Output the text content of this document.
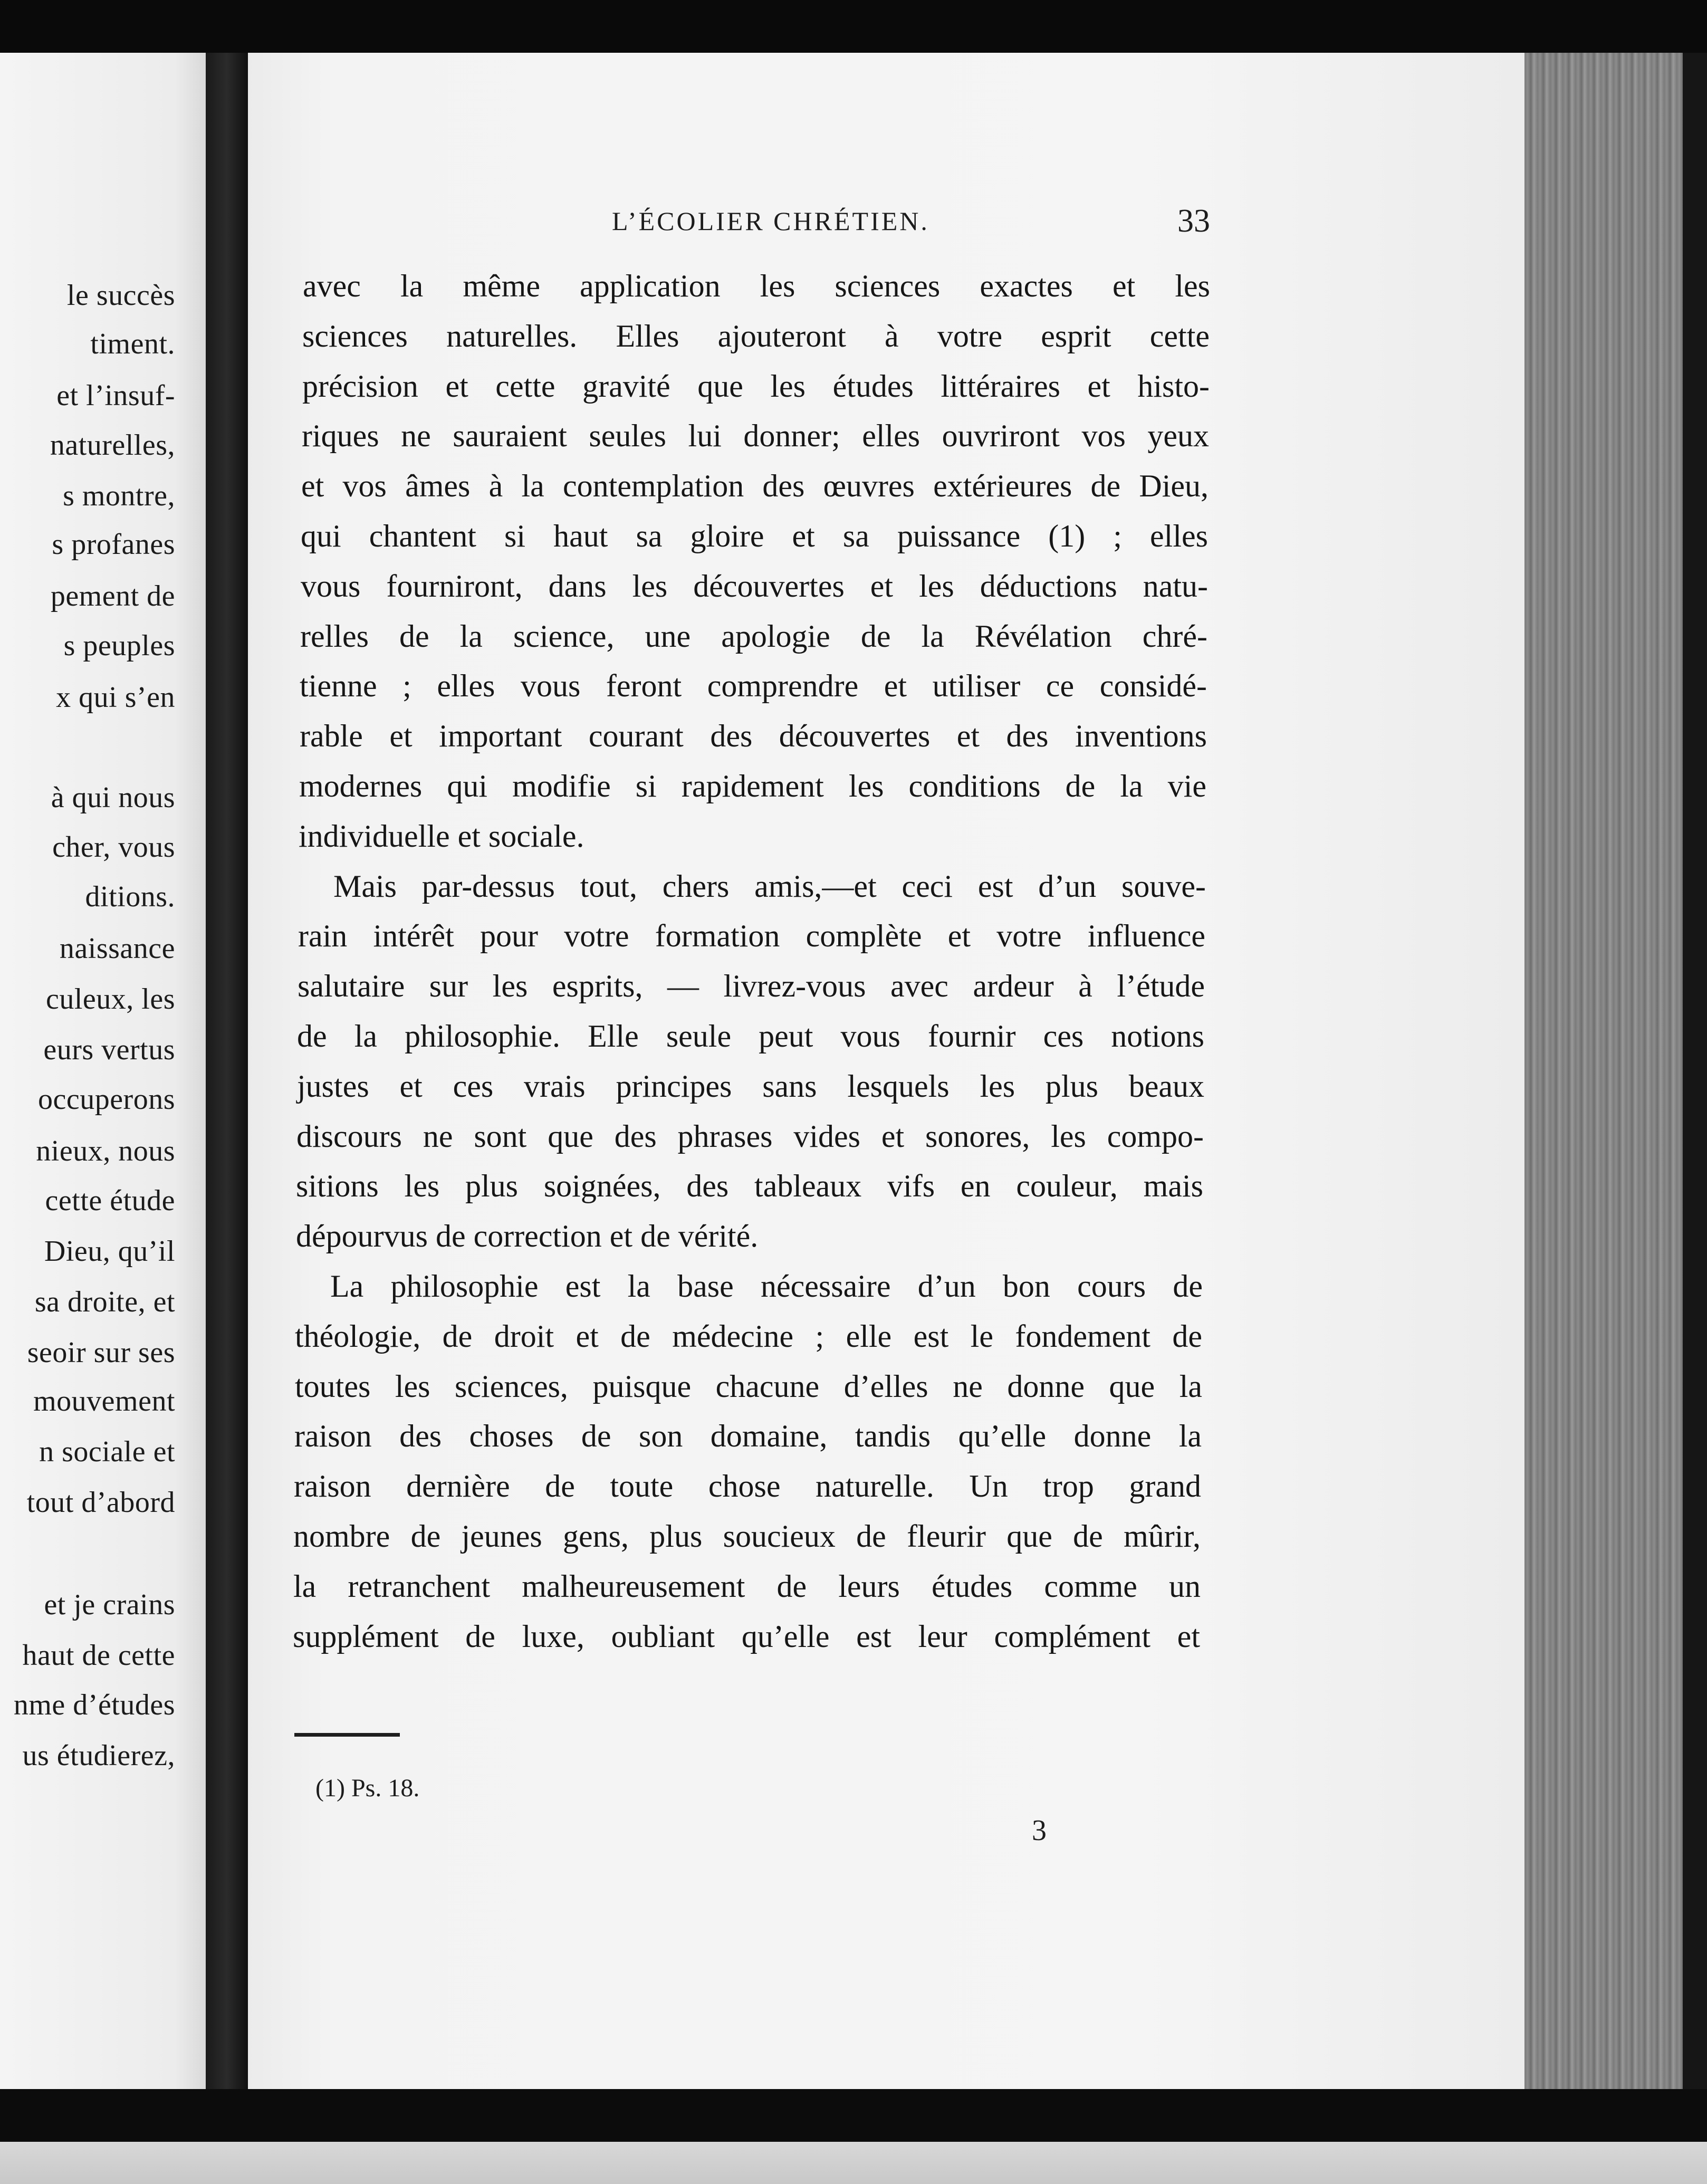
le succès
timent.
et l’insuf-
naturelles,
s montre,
s profanes
pement de
s peuples
x qui s’en
à qui nous
cher, vous
ditions.
naissance
culeux, les
eurs vertus
occuperons
nieux, nous
cette étude
Dieu, qu’il
sa droite, et
seoir sur ses
mouvement
n sociale et
tout d’abord
et je crains
haut de cette
nme d’études
us étudierez,
L’ÉCOLIER CHRÉTIEN.	33
avec la même application les sciences exactes et les
sciences naturelles. Elles ajouteront à votre esprit cette
précision et cette gravité que les études littéraires et histo-
riques ne sauraient seules lui donner; elles ouvriront vos yeux
et vos âmes à la contemplation des œuvres extérieures de Dieu,
qui chantent si haut sa gloire et sa puissance (1) ; elles
vous fourniront, dans les découvertes et les déductions natu-
relles de la science, une apologie de la Révélation chré-
tienne ; elles vous feront comprendre et utiliser ce considé-
rable et important courant des découvertes et des inventions
modernes qui modifie si rapidement les conditions de la vie
individuelle et sociale.
Mais par-dessus tout, chers amis,—et ceci est d’un souve-
rain intérêt pour votre formation complète et votre influence
salutaire sur les esprits, — livrez-vous avec ardeur à l’étude
de la philosophie. Elle seule peut vous fournir ces notions
justes et ces vrais principes sans lesquels les plus beaux
discours ne sont que des phrases vides et sonores, les compo-
sitions les plus soignées, des tableaux vifs en couleur, mais
dépourvus de correction et de vérité.
La philosophie est la base nécessaire d’un bon cours de
théologie, de droit et de médecine ; elle est le fondement de
toutes les sciences, puisque chacune d’elles ne donne que la
raison des choses de son domaine, tandis qu’elle donne la
raison dernière de toute chose naturelle. Un trop grand
nombre de jeunes gens, plus soucieux de fleurir que de mûrir,
la retranchent malheureusement de leurs études comme un
supplément de luxe, oubliant qu’elle est leur complément et
(1) Ps. 18.
3
